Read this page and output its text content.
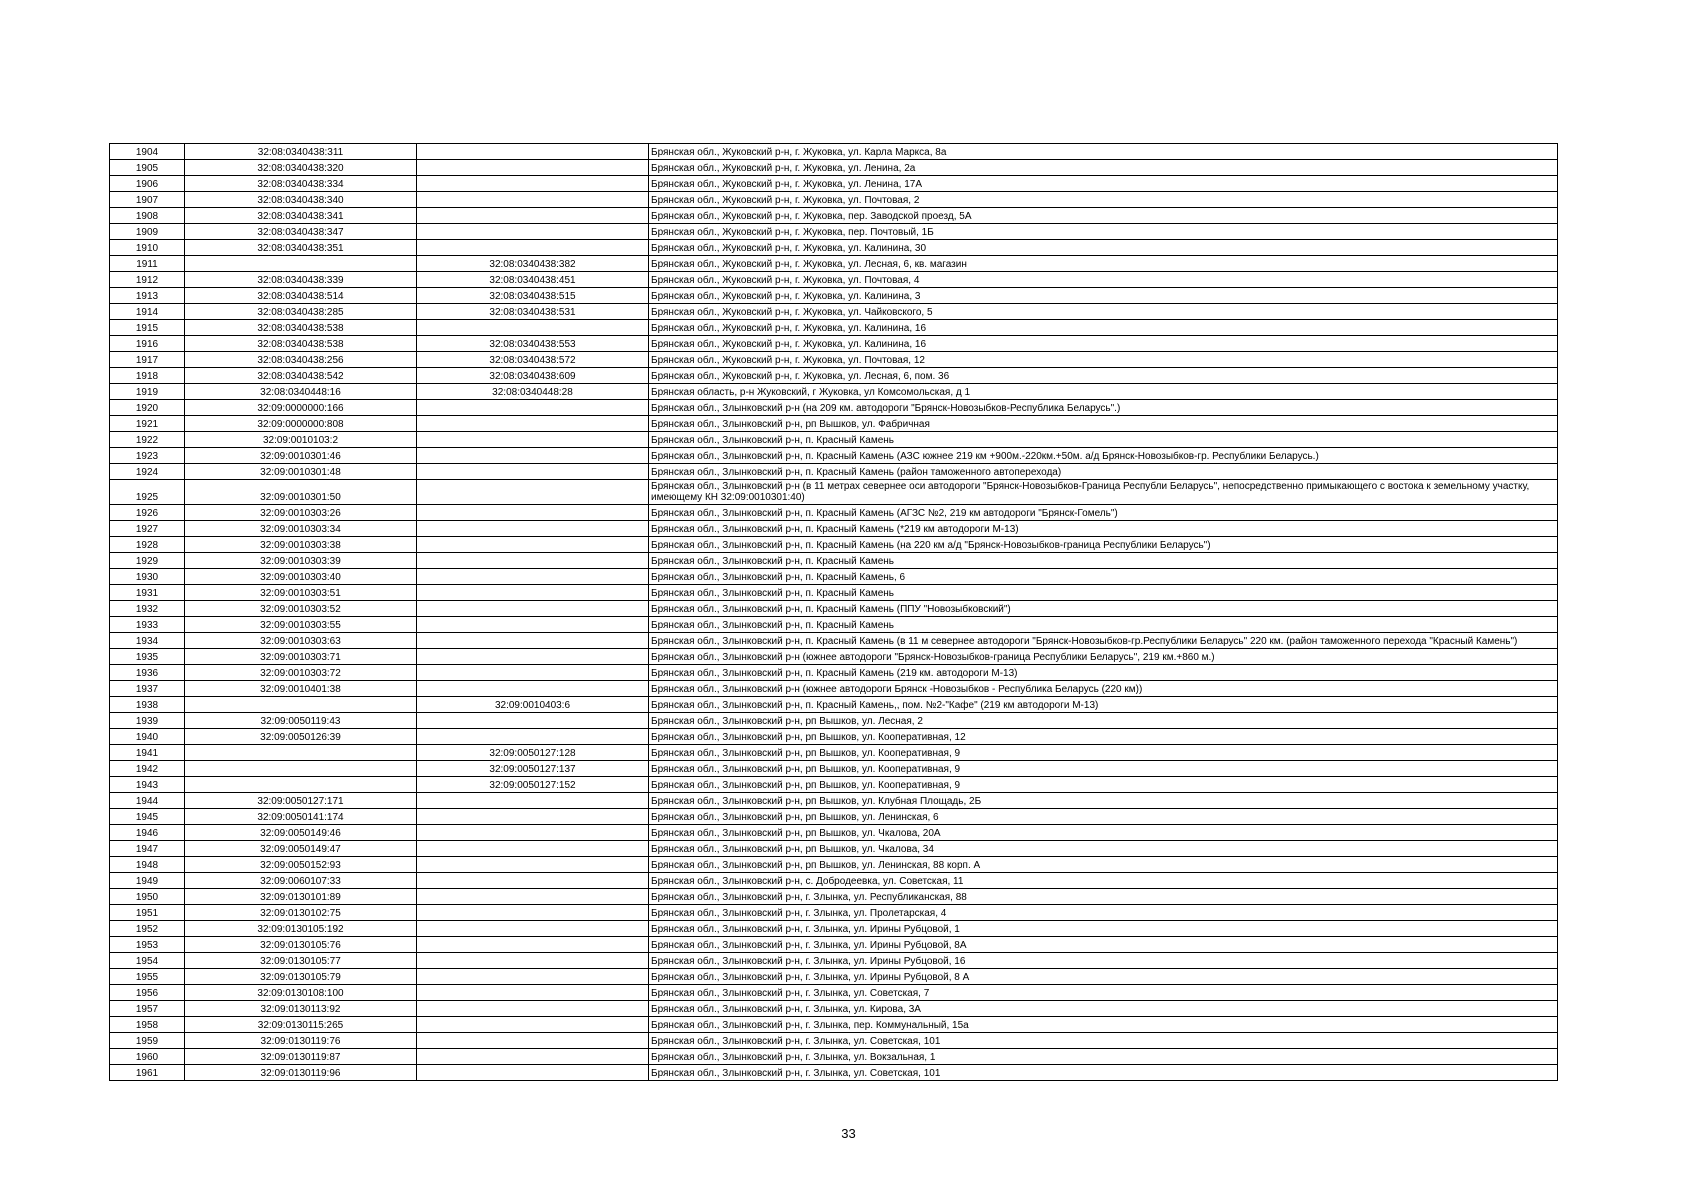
1904	32:08:0340438:311		Брянская обл., Жуковский р-н, г. Жуковка, ул. Карла Маркса, 8а
1905	32:08:0340438:320		Брянская обл., Жуковский р-н, г. Жуковка, ул. Ленина, 2а
1906	32:08:0340438:334		Брянская обл., Жуковский р-н, г. Жуковка, ул. Ленина, 17А
1907	32:08:0340438:340		Брянская обл., Жуковский р-н, г. Жуковка, ул. Почтовая, 2
1908	32:08:0340438:341		Брянская обл., Жуковский р-н, г. Жуковка, пер. Заводской проезд, 5А
1909	32:08:0340438:347		Брянская обл., Жуковский р-н, г. Жуковка, пер. Почтовый, 1Б
1910	32:08:0340438:351		Брянская обл., Жуковский р-н, г. Жуковка, ул. Калинина, 30
1911		32:08:0340438:382	Брянская обл., Жуковский р-н, г. Жуковка, ул. Лесная, 6, кв. магазин
1912	32:08:0340438:339	32:08:0340438:451	Брянская обл., Жуковский р-н, г. Жуковка, ул. Почтовая, 4
1913	32:08:0340438:514	32:08:0340438:515	Брянская обл., Жуковский р-н, г. Жуковка, ул. Калинина, 3
1914	32:08:0340438:285	32:08:0340438:531	Брянская обл., Жуковский р-н, г. Жуковка, ул. Чайковского, 5
1915	32:08:0340438:538		Брянская обл., Жуковский р-н, г. Жуковка, ул. Калинина, 16
1916	32:08:0340438:538	32:08:0340438:553	Брянская обл., Жуковский р-н, г. Жуковка, ул. Калинина, 16
1917	32:08:0340438:256	32:08:0340438:572	Брянская обл., Жуковский р-н, г. Жуковка, ул. Почтовая, 12
1918	32:08:0340438:542	32:08:0340438:609	Брянская обл., Жуковский р-н, г. Жуковка, ул. Лесная, 6, пом. 36
1919	32:08:0340448:16	32:08:0340448:28	Брянская область, р-н Жуковский, г Жуковка, ул Комсомольская, д 1
1920	32:09:0000000:166		Брянская обл., Злынковский р-н (на 209 км. автодороги "Брянск-Новозыбков-Республика Беларусь".)
1921	32:09:0000000:808		Брянская обл., Злынковский р-н, рп Вышков, ул. Фабричная
1922	32:09:0010103:2		Брянская обл., Злынковский р-н, п. Красный Камень
1923	32:09:0010301:46		Брянская обл., Злынковский р-н, п. Красный Камень (АЗС южнее 219 км +900м.-220км.+50м. а/д Брянск-Новозыбков-гр. Республики Беларусь.)
1924	32:09:0010301:48		Брянская обл., Злынковский р-н, п. Красный Камень (район таможенного автоперехода)
1925	32:09:0010301:50		Брянская обл., Злынковский р-н (в 11 метрах севернее оси автодороги "Брянск-Новозыбков-Граница Республи Беларусь", непосредственно примыкающего с востока к земельному участку, имеющему КН 32:09:0010301:40)
1926	32:09:0010303:26		Брянская обл., Злынковский р-н, п. Красный Камень (АГЗС №2, 219 км автодороги "Брянск-Гомель")
1927	32:09:0010303:34		Брянская обл., Злынковский р-н, п. Красный Камень (*219 км автодороги М-13)
1928	32:09:0010303:38		Брянская обл., Злынковский р-н, п. Красный Камень (на 220 км а/д "Брянск-Новозыбков-граница Республики Беларусь")
1929	32:09:0010303:39		Брянская обл., Злынковский р-н, п. Красный Камень
1930	32:09:0010303:40		Брянская обл., Злынковский р-н, п. Красный Камень, 6
1931	32:09:0010303:51		Брянская обл., Злынковский р-н, п. Красный Камень
1932	32:09:0010303:52		Брянская обл., Злынковский р-н, п. Красный Камень (ППУ "Новозыбковский")
1933	32:09:0010303:55		Брянская обл., Злынковский р-н, п. Красный Камень
1934	32:09:0010303:63		Брянская обл., Злынковский р-н, п. Красный Камень (в 11 м севернее автодороги "Брянск-Новозыбков-гр.Республики Беларусь" 220 км. (район таможенного перехода "Красный Камень")
1935	32:09:0010303:71		Брянская обл., Злынковский р-н (южнее автодороги "Брянск-Новозыбков-граница Республики Беларусь", 219 км.+860 м.)
1936	32:09:0010303:72		Брянская обл., Злынковский р-н, п. Красный Камень (219 км. автодороги М-13)
1937	32:09:0010401:38		Брянская обл., Злынковский р-н (южнее автодороги Брянск -Новозыбков - Республика Беларусь (220 км))
1938		32:09:0010403:6	Брянская обл., Злынковский р-н, п. Красный Камень,, пом. №2-"Кафе" (219 км автодороги М-13)
1939	32:09:0050119:43		Брянская обл., Злынковский р-н, рп Вышков, ул. Лесная, 2
1940	32:09:0050126:39		Брянская обл., Злынковский р-н, рп Вышков, ул. Кооперативная, 12
1941		32:09:0050127:128	Брянская обл., Злынковский р-н, рп Вышков, ул. Кооперативная, 9
1942		32:09:0050127:137	Брянская обл., Злынковский р-н, рп Вышков, ул. Кооперативная, 9
1943		32:09:0050127:152	Брянская обл., Злынковский р-н, рп Вышков, ул. Кооперативная, 9
1944	32:09:0050127:171		Брянская обл., Злынковский р-н, рп Вышков, ул. Клубная Площадь, 2Б
1945	32:09:0050141:174		Брянская обл., Злынковский р-н, рп Вышков, ул. Ленинская, 6
1946	32:09:0050149:46		Брянская обл., Злынковский р-н, рп Вышков, ул. Чкалова, 20А
1947	32:09:0050149:47		Брянская обл., Злынковский р-н, рп Вышков, ул. Чкалова, 34
1948	32:09:0050152:93		Брянская обл., Злынковский р-н, рп Вышков, ул. Ленинская, 88 корп. А
1949	32:09:0060107:33		Брянская обл., Злынковский р-н, с. Добродеевка, ул. Советская, 11
1950	32:09:0130101:89		Брянская обл., Злынковский р-н, г. Злынка, ул. Республиканская, 88
1951	32:09:0130102:75		Брянская обл., Злынковский р-н, г. Злынка, ул. Пролетарская, 4
1952	32:09:0130105:192		Брянская обл., Злынковский р-н, г. Злынка, ул. Ирины Рубцовой, 1
1953	32:09:0130105:76		Брянская обл., Злынковский р-н, г. Злынка, ул. Ирины Рубцовой, 8А
1954	32:09:0130105:77		Брянская обл., Злынковский р-н, г. Злынка, ул. Ирины Рубцовой, 16
1955	32:09:0130105:79		Брянская обл., Злынковский р-н, г. Злынка, ул. Ирины Рубцовой, 8 А
1956	32:09:0130108:100		Брянская обл., Злынковский р-н, г. Злынка, ул. Советская, 7
1957	32:09:0130113:92		Брянская обл., Злынковский р-н, г. Злынка, ул. Кирова, 3А
1958	32:09:0130115:265		Брянская обл., Злынковский р-н, г. Злынка, пер. Коммунальный, 15а
1959	32:09:0130119:76		Брянская обл., Злынковский р-н, г. Злынка, ул. Советская, 101
1960	32:09:0130119:87		Брянская обл., Злынковский р-н, г. Злынка, ул. Вокзальная, 1
1961	32:09:0130119:96		Брянская обл., Злынковский р-н, г. Злынка, ул. Советская, 101
33
